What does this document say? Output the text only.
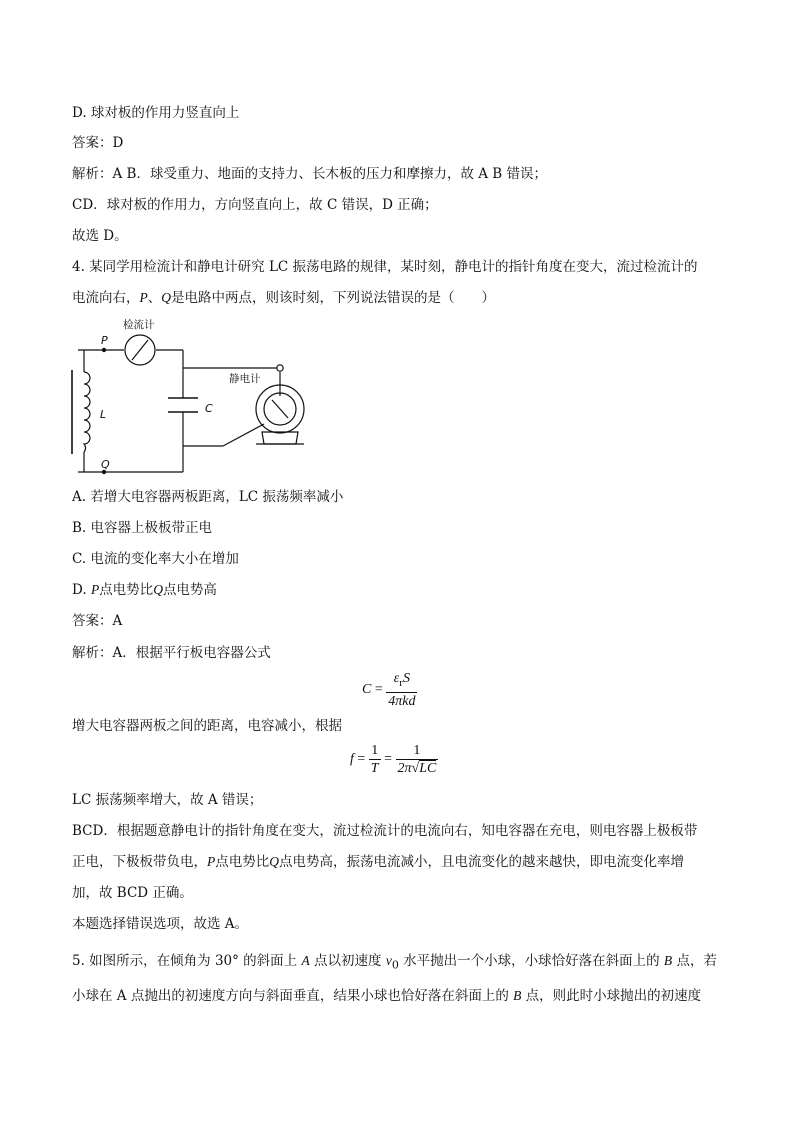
D. 球对板的作用力竖直向上
答案：D
解析：A B．球受重力、地面的支持力、长木板的压力和摩擦力，故 A B 错误；
CD．球对板的作用力，方向竖直向上，故 C 错误，D 正确；
故选 D。
4. 某同学用检流计和静电计研究 LC 振荡电路的规律，某时刻，静电计的指针角度在变大，流过检流计的
电流向右，P、Q是电路中两点，则该时刻，下列说法错误的是（　　）
检流计
静电计
P
Q
L	C
A. 若增大电容器两板距离，LC 振荡频率减小
B. 电容器上极板带正电
C. 电流的变化率大小在增加
D. P点电势比Q点电势高
答案：A
解析：A．根据平行板电容器公式
$C = \frac{\varepsilon_rS}{\text{4πkd}}$
增大电容器两板之间的距离，电容减小，根据
$f = \frac{1}{T} = \frac{1}{2\pi√LC}$
LC 振荡频率增大，故 A 错误；
BCD．根据题意静电计的指针角度在变大，流过检流计的电流向右，知电容器在充电，则电容器上极板带
正电，下极板带负电，P点电势比Q点电势高，振荡电流减小，且电流变化的越来越快，即电流变化率增
加，故 BCD 正确。
本题选择错误选项，故选 A。
5. 如图所示，在倾角为 30° 的斜面上 A 点以初速度 $v_0$ 水平抛出一个小球，小球恰好落在斜面上的 B 点，若
小球在 A 点抛出的初速度方向与斜面垂直，结果小球也恰好落在斜面上的 B 点，则此时小球抛出的初速度
